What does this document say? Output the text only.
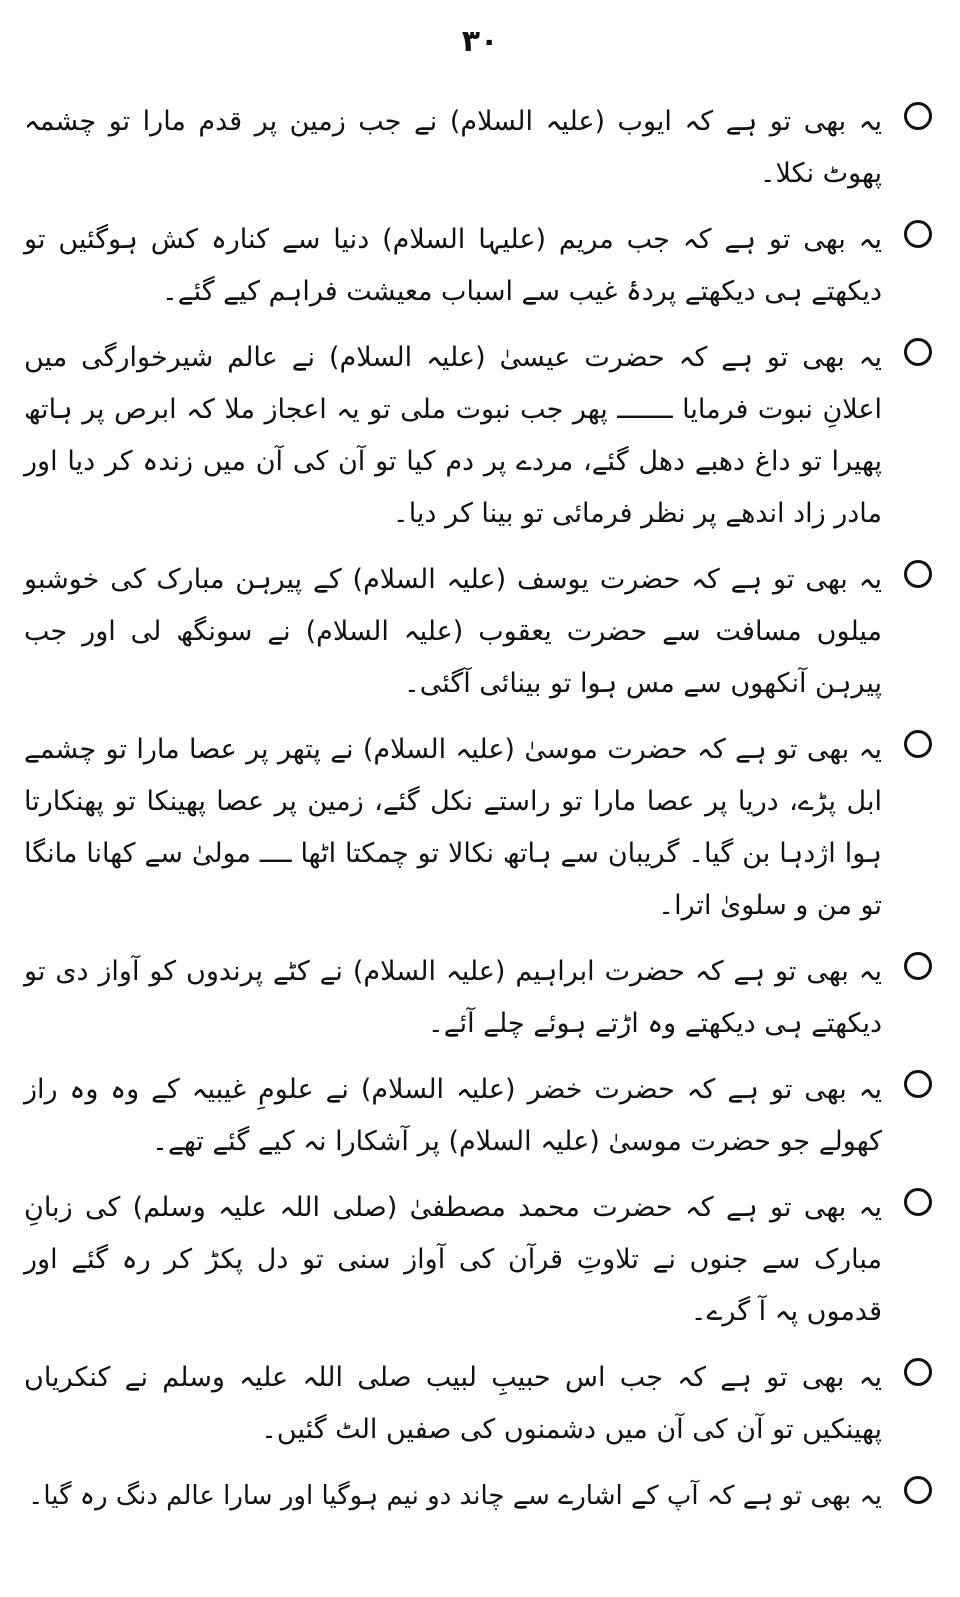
۳۰

یہ بھی تو ہے کہ ایوب (علیہ السلام) نے جب زمین پر قدم مارا تو چشمہ پھوٹ نکلا۔

یہ بھی تو ہے کہ جب مریم (علیہا السلام) دنیا سے کنارہ کش ہوگئیں تو دیکھتے ہی دیکھتے پردۂ غیب سے اسباب معیشت فراہم کیے گئے۔

یہ بھی تو ہے کہ حضرت عیسیٰ (علیہ السلام) نے عالم شیرخوارگی میں اعلانِ نبوت فرمایا ـــــــ پھر جب نبوت ملی تو یہ اعجاز ملا کہ ابرص پر ہاتھ پھیرا تو داغ دھبے دھل گئے، مردے پر دم کیا تو آن کی آن میں زندہ کر دیا اور مادر زاد اندھے پر نظر فرمائی تو بینا کر دیا۔

یہ بھی تو ہے کہ حضرت یوسف (علیہ السلام) کے پیرہن مبارک کی خوشبو میلوں مسافت سے حضرت یعقوب (علیہ السلام) نے سونگھ لی اور جب پیرہن آنکھوں سے مس ہوا تو بینائی آگئی۔

یہ بھی تو ہے کہ حضرت موسیٰ (علیہ السلام) نے پتھر پر عصا مارا تو چشمے ابل پڑے، دریا پر عصا مارا تو راستے نکل گئے، زمین پر عصا پھینکا تو پھنکارتا ہوا اژدہا بن گیا۔ گریبان سے ہاتھ نکالا تو چمکتا اٹھا ــــ مولیٰ سے کھانا مانگا تو من و سلویٰ اترا۔

یہ بھی تو ہے کہ حضرت ابراہیم (علیہ السلام) نے کٹے پرندوں کو آواز دی تو دیکھتے ہی دیکھتے وہ اڑتے ہوئے چلے آئے۔

یہ بھی تو ہے کہ حضرت خضر (علیہ السلام) نے علومِ غیبیہ کے وہ وہ راز کھولے جو حضرت موسیٰ (علیہ السلام) پر آشکارا نہ کیے گئے تھے۔

یہ بھی تو ہے کہ حضرت محمد مصطفیٰ (صلی اللہ علیہ وسلم) کی زبانِ مبارک سے جنوں نے تلاوتِ قرآن کی آواز سنی تو دل پکڑ کر رہ گئے اور قدموں پہ آ گرے۔

یہ بھی تو ہے کہ جب اس حبیبِ لبیب صلی اللہ علیہ وسلم نے کنکریاں پھینکیں تو آن کی آن میں دشمنوں کی صفیں الٹ گئیں۔

یہ بھی تو ہے کہ آپ کے اشارے سے چاند دو نیم ہوگیا اور سارا عالم دنگ رہ گیا۔
